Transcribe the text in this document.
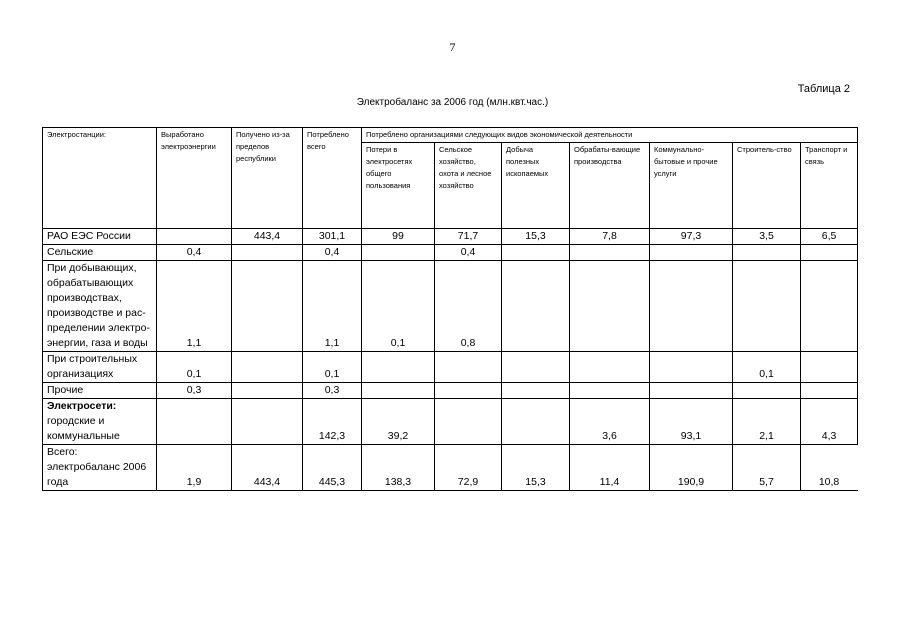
7
Таблица 2
Электробаланс за 2006 год (млн.квт.час.)
Электростанции:	Выработано электроэнергии	Получено из-за пределов республики	Потреблено всего	Потреблено организациями следующих видов экономической деятельности						
				Потери в электросетях общего пользования	Сельское хозяйство, охота и лесное хозяйство	Добыча полезных ископаемых	Обрабаты-вающие производства	Коммунально-бытовые и прочие услуги	Строитель-ство	Транспорт и связь

РАО ЕЭС России		443,4	301,1	99	71,7	15,3	7,8	97,3	3,5	6,5

Сельские	0,4		0,4		0,4					

При добывающих, обрабатывающих производствах, производстве и рас-пределении электро-энергии, газа и воды	1,1		1,1	0,1	0,8					

При строительных организациях	0,1		0,1						0,1	

Прочие	0,3		0,3							

Электросети:
городские и коммунальные			142,3	39,2			3,6	93,1	2,1	4,3

Всего: электробаланс 2006 года	1,9	443,4	445,3	138,3	72,9	15,3	11,4	190,9	5,7	10,8
